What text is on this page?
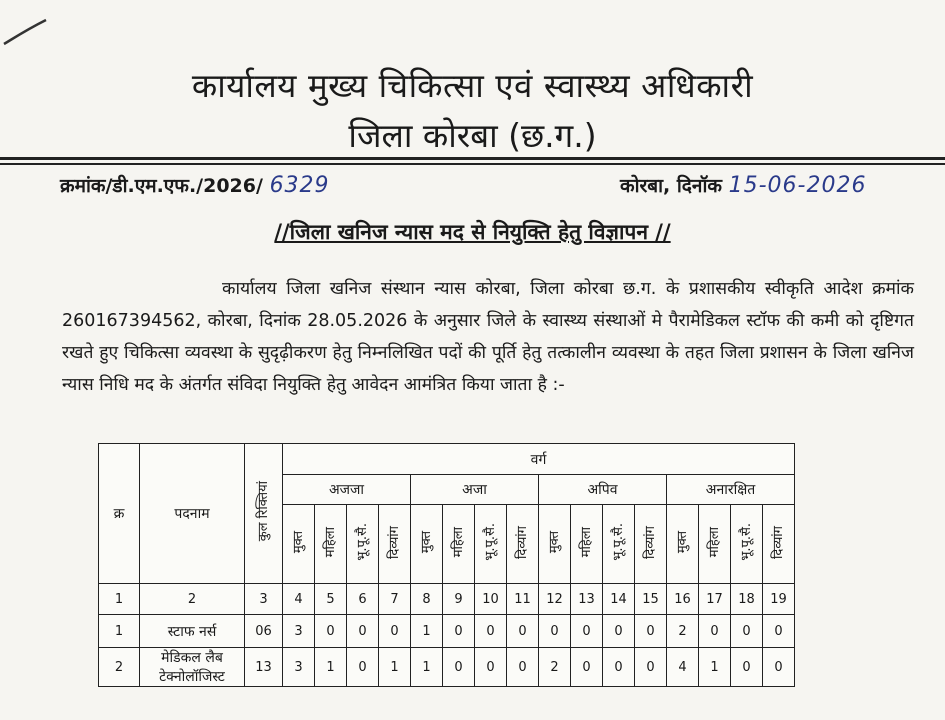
कार्यालय मुख्य चिकित्सा एवं स्वास्थ्य अधिकारी
जिला कोरबा (छ.ग.)
क्रमांक/डी.एम.एफ./2026/ 6329	कोरबा, दिनॉक 15-06-2026
//जिला खनिज न्यास मद से नियुक्ति हेतु विज्ञापन //
कार्यालय जिला खनिज संस्थान न्यास कोरबा, जिला कोरबा छ.ग. के प्रशासकीय स्वीकृति आदेश क्रमांक 260167394562, कोरबा, दिनांक 28.05.2026 के अनुसार जिले के स्वास्थ्य संस्थाओं मे पैरामेडिकल स्टॉफ की कमी को दृष्टिगत रखते हुए चिकित्सा व्यवस्था के सुदृढ़ीकरण हेतु निम्नलिखित पदों की पूर्ति हेतु तत्कालीन व्यवस्था के तहत जिला प्रशासन के जिला खनिज न्यास निधि मद के अंतर्गत संविदा नियुक्ति हेतु आवेदन आमंत्रित किया जाता है :-
क्र	पदनाम	कुल रिक्तियां	वर्ग															
			अजजा				अजा				अपिव				अनारक्षित			
			मुक्त	महिला	भू.पू.सै.	दिव्यांग	मुक्त	महिला	भू.पू.सै.	दिव्यांग	मुक्त	महिला	भू.पू.सै.	दिव्यांग	मुक्त	महिला	भू.पू.सै.	दिव्यांग
1	2	3	4	5	6	7	8	9	10	11	12	13	14	15	16	17	18	19
1	स्टाफ नर्स	06	3	0	0	0	1	0	0	0	0	0	0	0	2	0	0	0
2	मेडिकल लैब टेक्नोलॉजिस्ट	13	3	1	0	1	1	0	0	0	2	0	0	0	4	1	0	0
